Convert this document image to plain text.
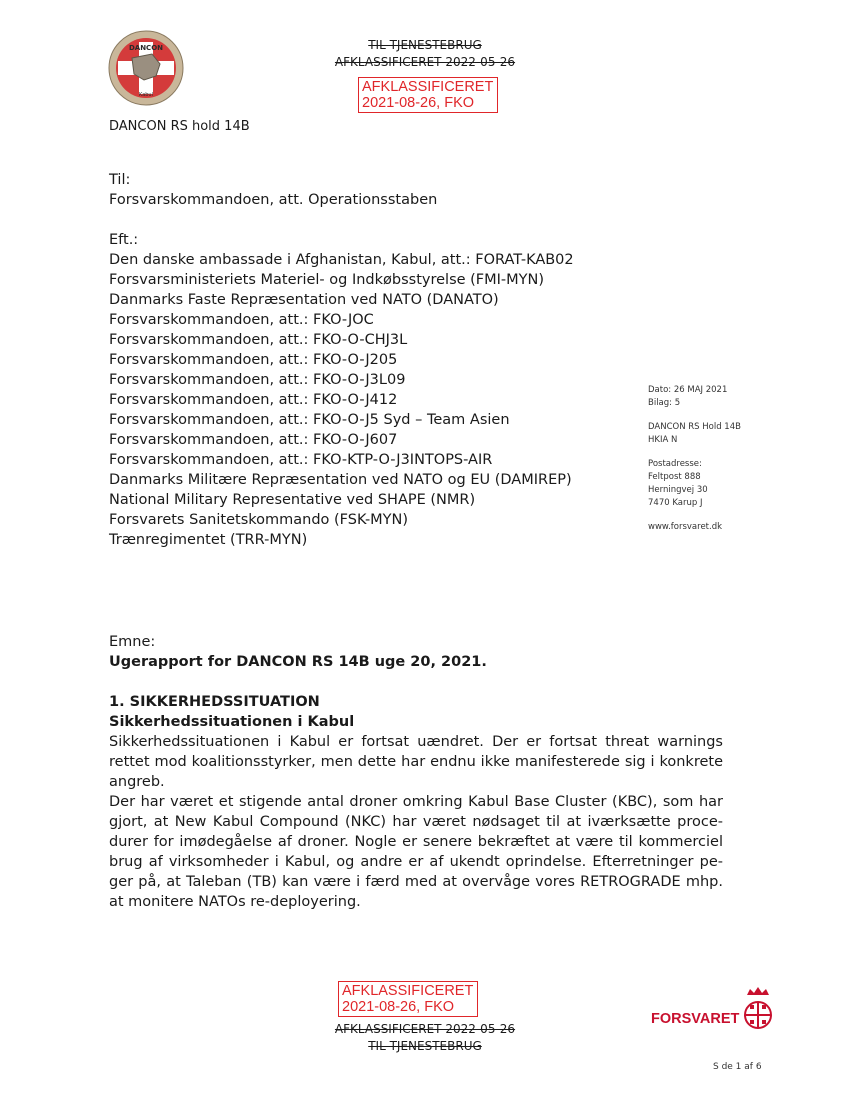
DANCON
Kabul
DANCON RS hold 14B
TIL TJENESTEBRUG
AFKLASSIFICERET 2022-05-26
AFKLASSIFICERET
2021-08-26, FKO
Til:
Forsvarskommandoen, att. Operationsstaben
Eft.:
Den danske ambassade i Afghanistan, Kabul, att.: FORAT-KAB02
Forsvarsministeriets Materiel- og Indkøbsstyrelse (FMI-MYN)
Danmarks Faste Repræsentation ved NATO (DANATO)
Forsvarskommandoen, att.: FKO-JOC
Forsvarskommandoen, att.: FKO-O-CHJ3L
Forsvarskommandoen, att.: FKO-O-J205
Forsvarskommandoen, att.: FKO-O-J3L09
Forsvarskommandoen, att.: FKO-O-J412
Forsvarskommandoen, att.: FKO-O-J5 Syd – Team Asien
Forsvarskommandoen, att.: FKO-O-J607
Forsvarskommandoen, att.: FKO-KTP-O-J3INTOPS-AIR
Danmarks Militære Repræsentation ved NATO og EU (DAMIREP)
National Military Representative ved SHAPE (NMR)
Forsvarets Sanitetskommando (FSK-MYN)
Trænregimentet (TRR-MYN)
Dato: 26 MAJ 2021
Bilag: 5
DANCON RS Hold 14B
HKIA N
Postadresse:
Feltpost 888
Herningvej 30
7470 Karup J
www.forsvaret.dk
Emne:
Ugerapport for DANCON RS 14B uge 20, 2021.
1. SIKKERHEDSSITUATION
Sikkerhedssituationen i Kabul
Sikkerhedssituationen i Kabul er fortsat uændret. Der er fortsat threat warnings
rettet mod koalitionsstyrker, men dette har endnu ikke manifesterede sig i konkrete
angreb.
Der har været et stigende antal droner omkring Kabul Base Cluster (KBC), som har
gjort, at New Kabul Compound (NKC) har været nødsaget til at iværksætte proce-
durer for imødegåelse af droner. Nogle er senere bekræftet at være til kommerciel
brug af virksomheder i Kabul, og andre er af ukendt oprindelse. Efterretninger pe-
ger på, at Taleban (TB) kan være i færd med at overvåge vores RETROGRADE mhp.
at monitere NATOs re-deployering.
AFKLASSIFICERET
2021-08-26, FKO
AFKLASSIFICERET 2022-05-26
TIL TJENESTEBRUG
FORSVARET
S de 1 af 6
